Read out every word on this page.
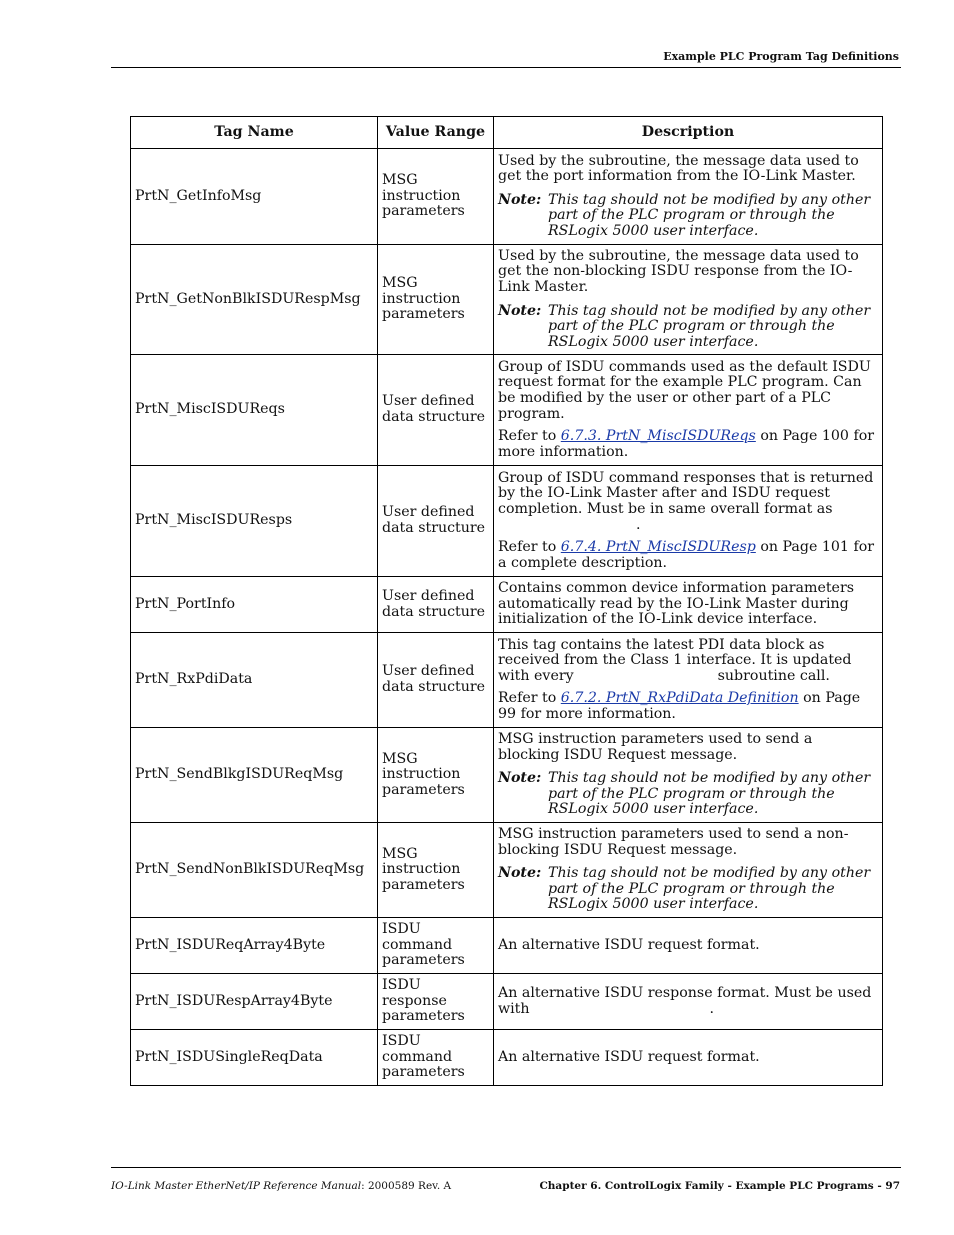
Example PLC Program Tag Definitions
Tag Name	Value Range	Description
PrtN_GetInfoMsg	MSG instruction parameters	Used by the subroutine, the message data used to get the port information from the IO-Link Master.
Note: This tag should not be modified by any other part of the PLC program or through the RSLogix 5000 user interface.

PrtN_GetNonBlkISDURespMsg	MSG instruction parameters	Used by the subroutine, the message data used to get the non-blocking ISDU response from the IO-Link Master.
Note: This tag should not be modified by any other part of the PLC program or through the RSLogix 5000 user interface.

PrtN_MiscISDUReqs	User defined data structure	Group of ISDU commands used as the default ISDU request format for the example PLC program. Can be modified by the user or other part of a PLC program.
Refer to 6.7.3. PrtN_MiscISDUReqs on Page 100 for more information.

PrtN_MiscISDUResps	User defined data structure	Group of ISDU command responses that is returned by the IO-Link Master after and ISDU request completion. Must be in same overall format as
.
Refer to 6.7.4. PrtN_MiscISDUResp on Page 101 for a complete description.

PrtN_PortInfo	User defined data structure	Contains common device information parameters automatically read by the IO-Link Master during initialization of the IO-Link device interface.

PrtN_RxPdiData	User defined data structure	This tag contains the latest PDI data block as received from the Class 1 interface. It is updated with every subroutine call.
Refer to 6.7.2. PrtN_RxPdiData Definition on Page 99 for more information.

PrtN_SendBlkgISDUReqMsg	MSG instruction parameters	MSG instruction parameters used to send a blocking ISDU Request message.
Note: This tag should not be modified by any other part of the PLC program or through the RSLogix 5000 user interface.

PrtN_SendNonBlkISDUReqMsg	MSG instruction parameters	MSG instruction parameters used to send a non-blocking ISDU Request message.
Note: This tag should not be modified by any other part of the PLC program or through the RSLogix 5000 user interface.

PrtN_ISDUReqArray4Byte	ISDU command parameters	An alternative ISDU request format.

PrtN_ISDURespArray4Byte	ISDU response parameters	An alternative ISDU response format. Must be used with .

PrtN_ISDUSingleReqData	ISDU command parameters	An alternative ISDU request format.
IO-Link Master EtherNet/IP Reference Manual: 2000589 Rev. A	Chapter 6. ControlLogix Family - Example PLC Programs - 97
